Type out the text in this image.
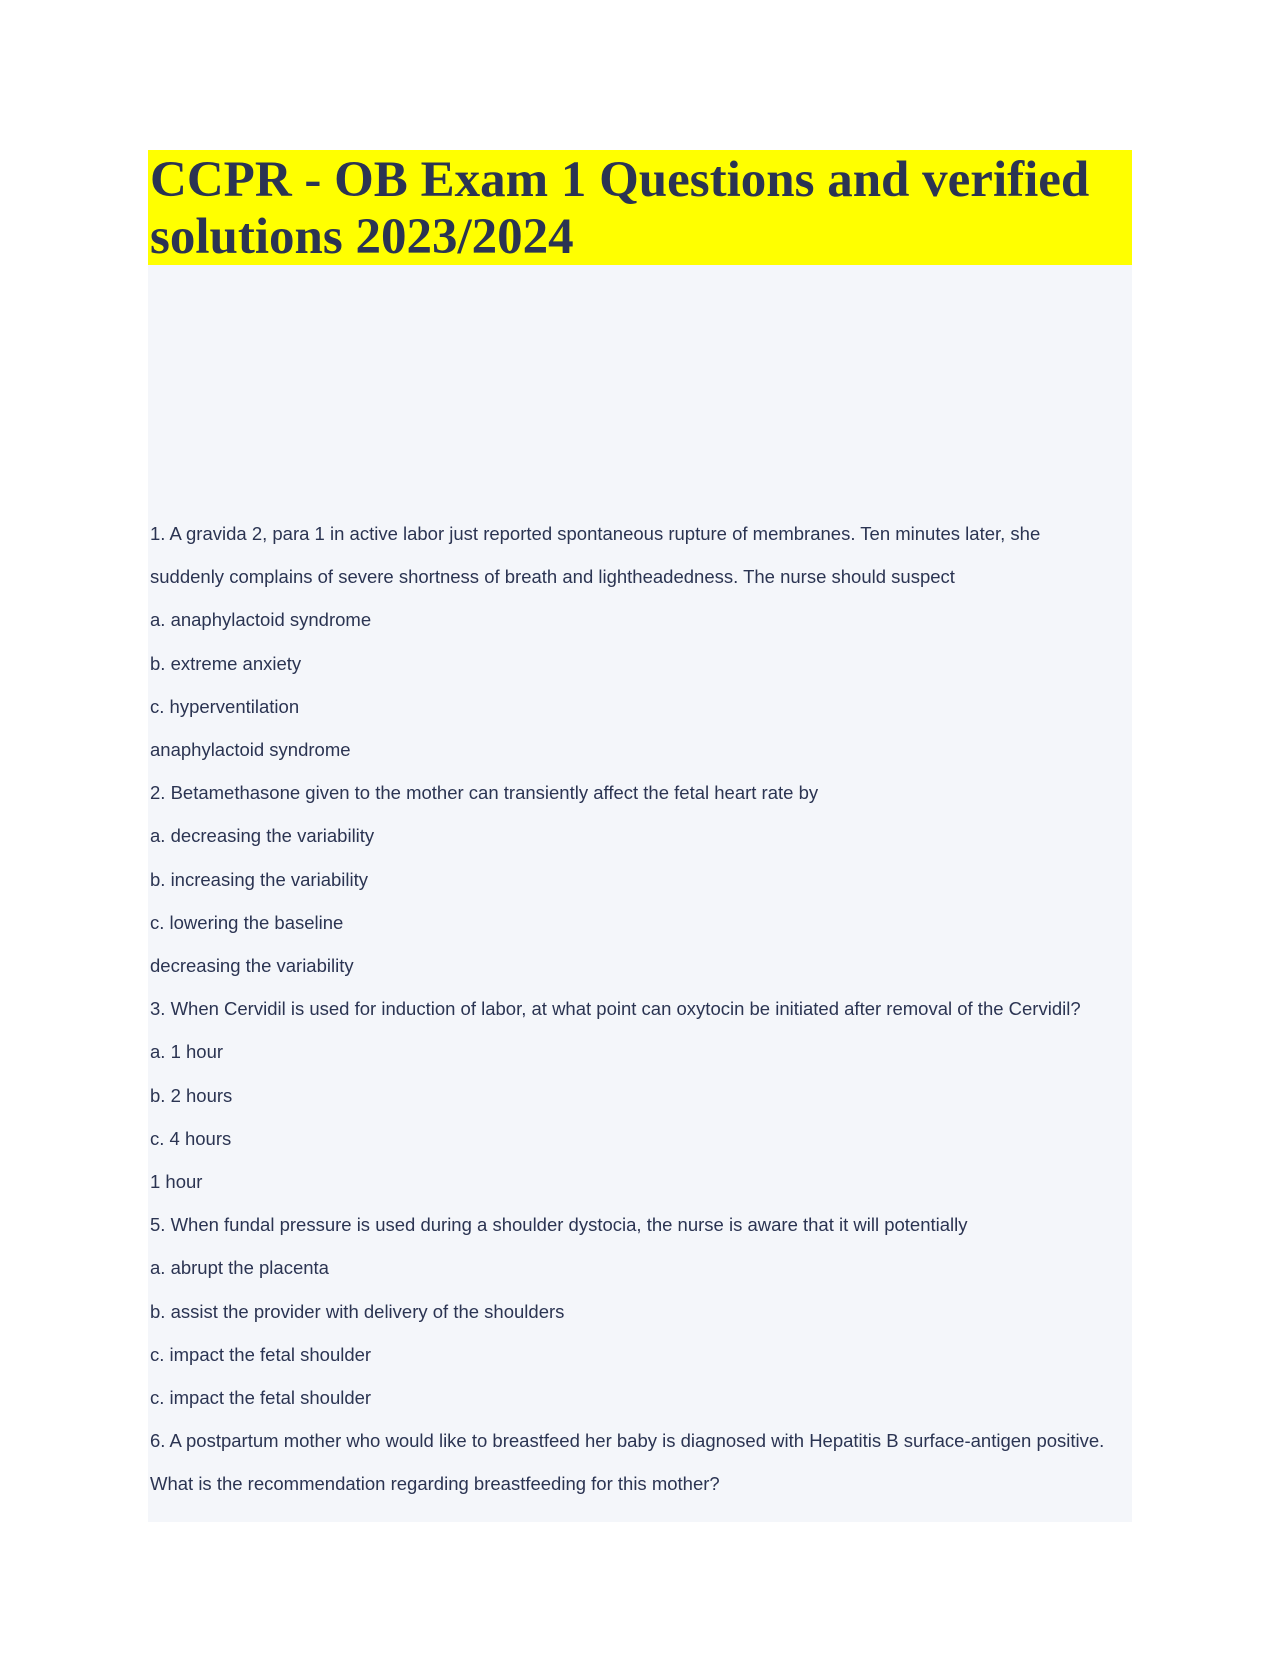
CCPR - OB Exam 1 Questions and verified solutions 2023/2024
1. A gravida 2, para 1 in active labor just reported spontaneous rupture of membranes. Ten minutes later, she
suddenly complains of severe shortness of breath and lightheadedness. The nurse should suspect
a. anaphylactoid syndrome
b. extreme anxiety
c. hyperventilation
anaphylactoid syndrome
2. Betamethasone given to the mother can transiently affect the fetal heart rate by
a. decreasing the variability
b. increasing the variability
c. lowering the baseline
decreasing the variability
3. When Cervidil is used for induction of labor, at what point can oxytocin be initiated after removal of the Cervidil?
a. 1 hour
b. 2 hours
c. 4 hours
1 hour
5. When fundal pressure is used during a shoulder dystocia, the nurse is aware that it will potentially
a. abrupt the placenta
b. assist the provider with delivery of the shoulders
c. impact the fetal shoulder
c. impact the fetal shoulder
6. A postpartum mother who would like to breastfeed her baby is diagnosed with Hepatitis B surface-antigen positive.
What is the recommendation regarding breastfeeding for this mother?
